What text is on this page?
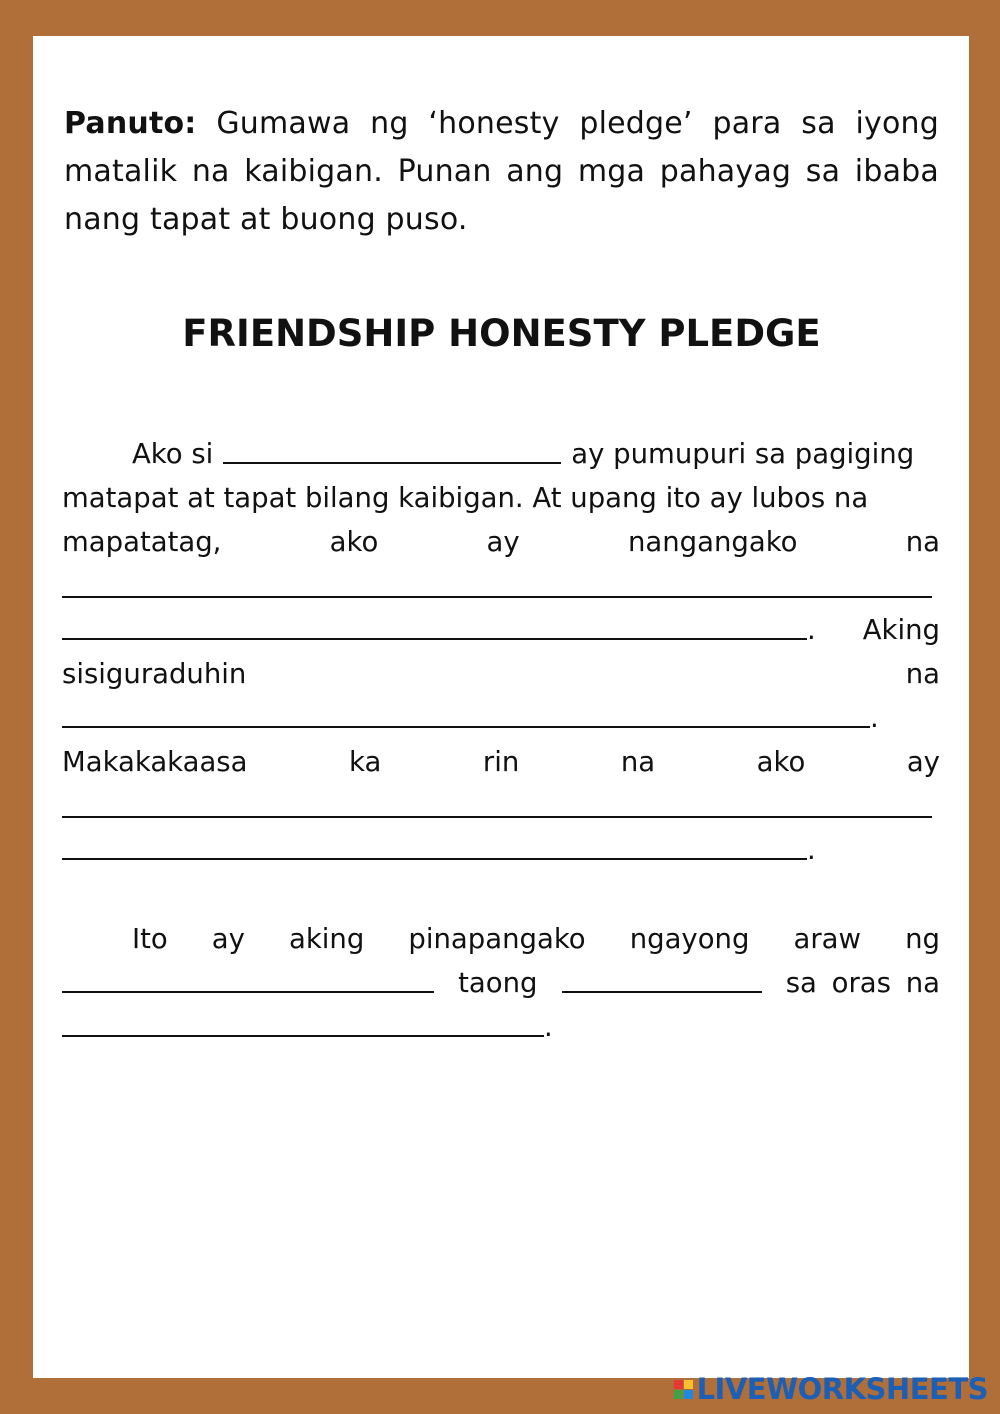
Panuto: Gumawa ng ‘honesty pledge’ para sa iyong matalik na kaibigan. Punan ang mga pahayag sa ibaba nang tapat at buong puso.

FRIENDSHIP HONESTY PLEDGE
Ako si	ay pumupuri sa pagiging
matapat at tapat bilang kaibigan. At upang ito ay lubos na
mapatatag,	ako	ay	nangangako	na
. Aking
sisiguraduhin	na
.
Makakakaasa	ka	rin	na	ako	ay
.
Ito ay aking pinapangako ngayong araw ng
taong	sa oras na
.
LIVEWORKSHEETS
